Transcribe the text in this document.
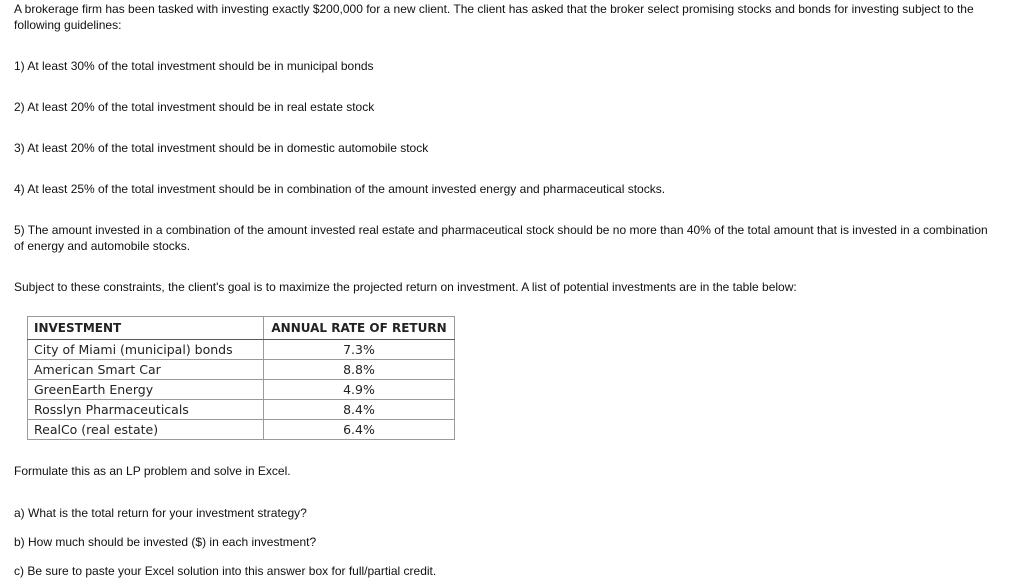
A brokerage firm has been tasked with investing exactly $200,000 for a new client. The client has asked that the broker select promising stocks and bonds for investing subject to the following guidelines:

1) At least 30% of the total investment should be in municipal bonds

2) At least 20% of the total investment should be in real estate stock

3) At least 20% of the total investment should be in domestic automobile stock

4) At least 25% of the total investment should be in combination of the amount invested energy and pharmaceutical stocks.

5) The amount invested in a combination of the amount invested real estate and pharmaceutical stock should be no more than 40% of the total amount that is invested in a combination of energy and automobile stocks.

Subject to these constraints, the client's goal is to maximize the projected return on investment. A list of potential investments are in the table below:

INVESTMENT	ANNUAL RATE OF RETURN
City of Miami (municipal) bonds	7.3%
American Smart Car	8.8%
GreenEarth Energy	4.9%
Rosslyn Pharmaceuticals	8.4%
RealCo (real estate)	6.4%

Formulate this as an LP problem and solve in Excel.

a) What is the total return for your investment strategy?

b) How much should be invested ($) in each investment?

c) Be sure to paste your Excel solution into this answer box for full/partial credit.
